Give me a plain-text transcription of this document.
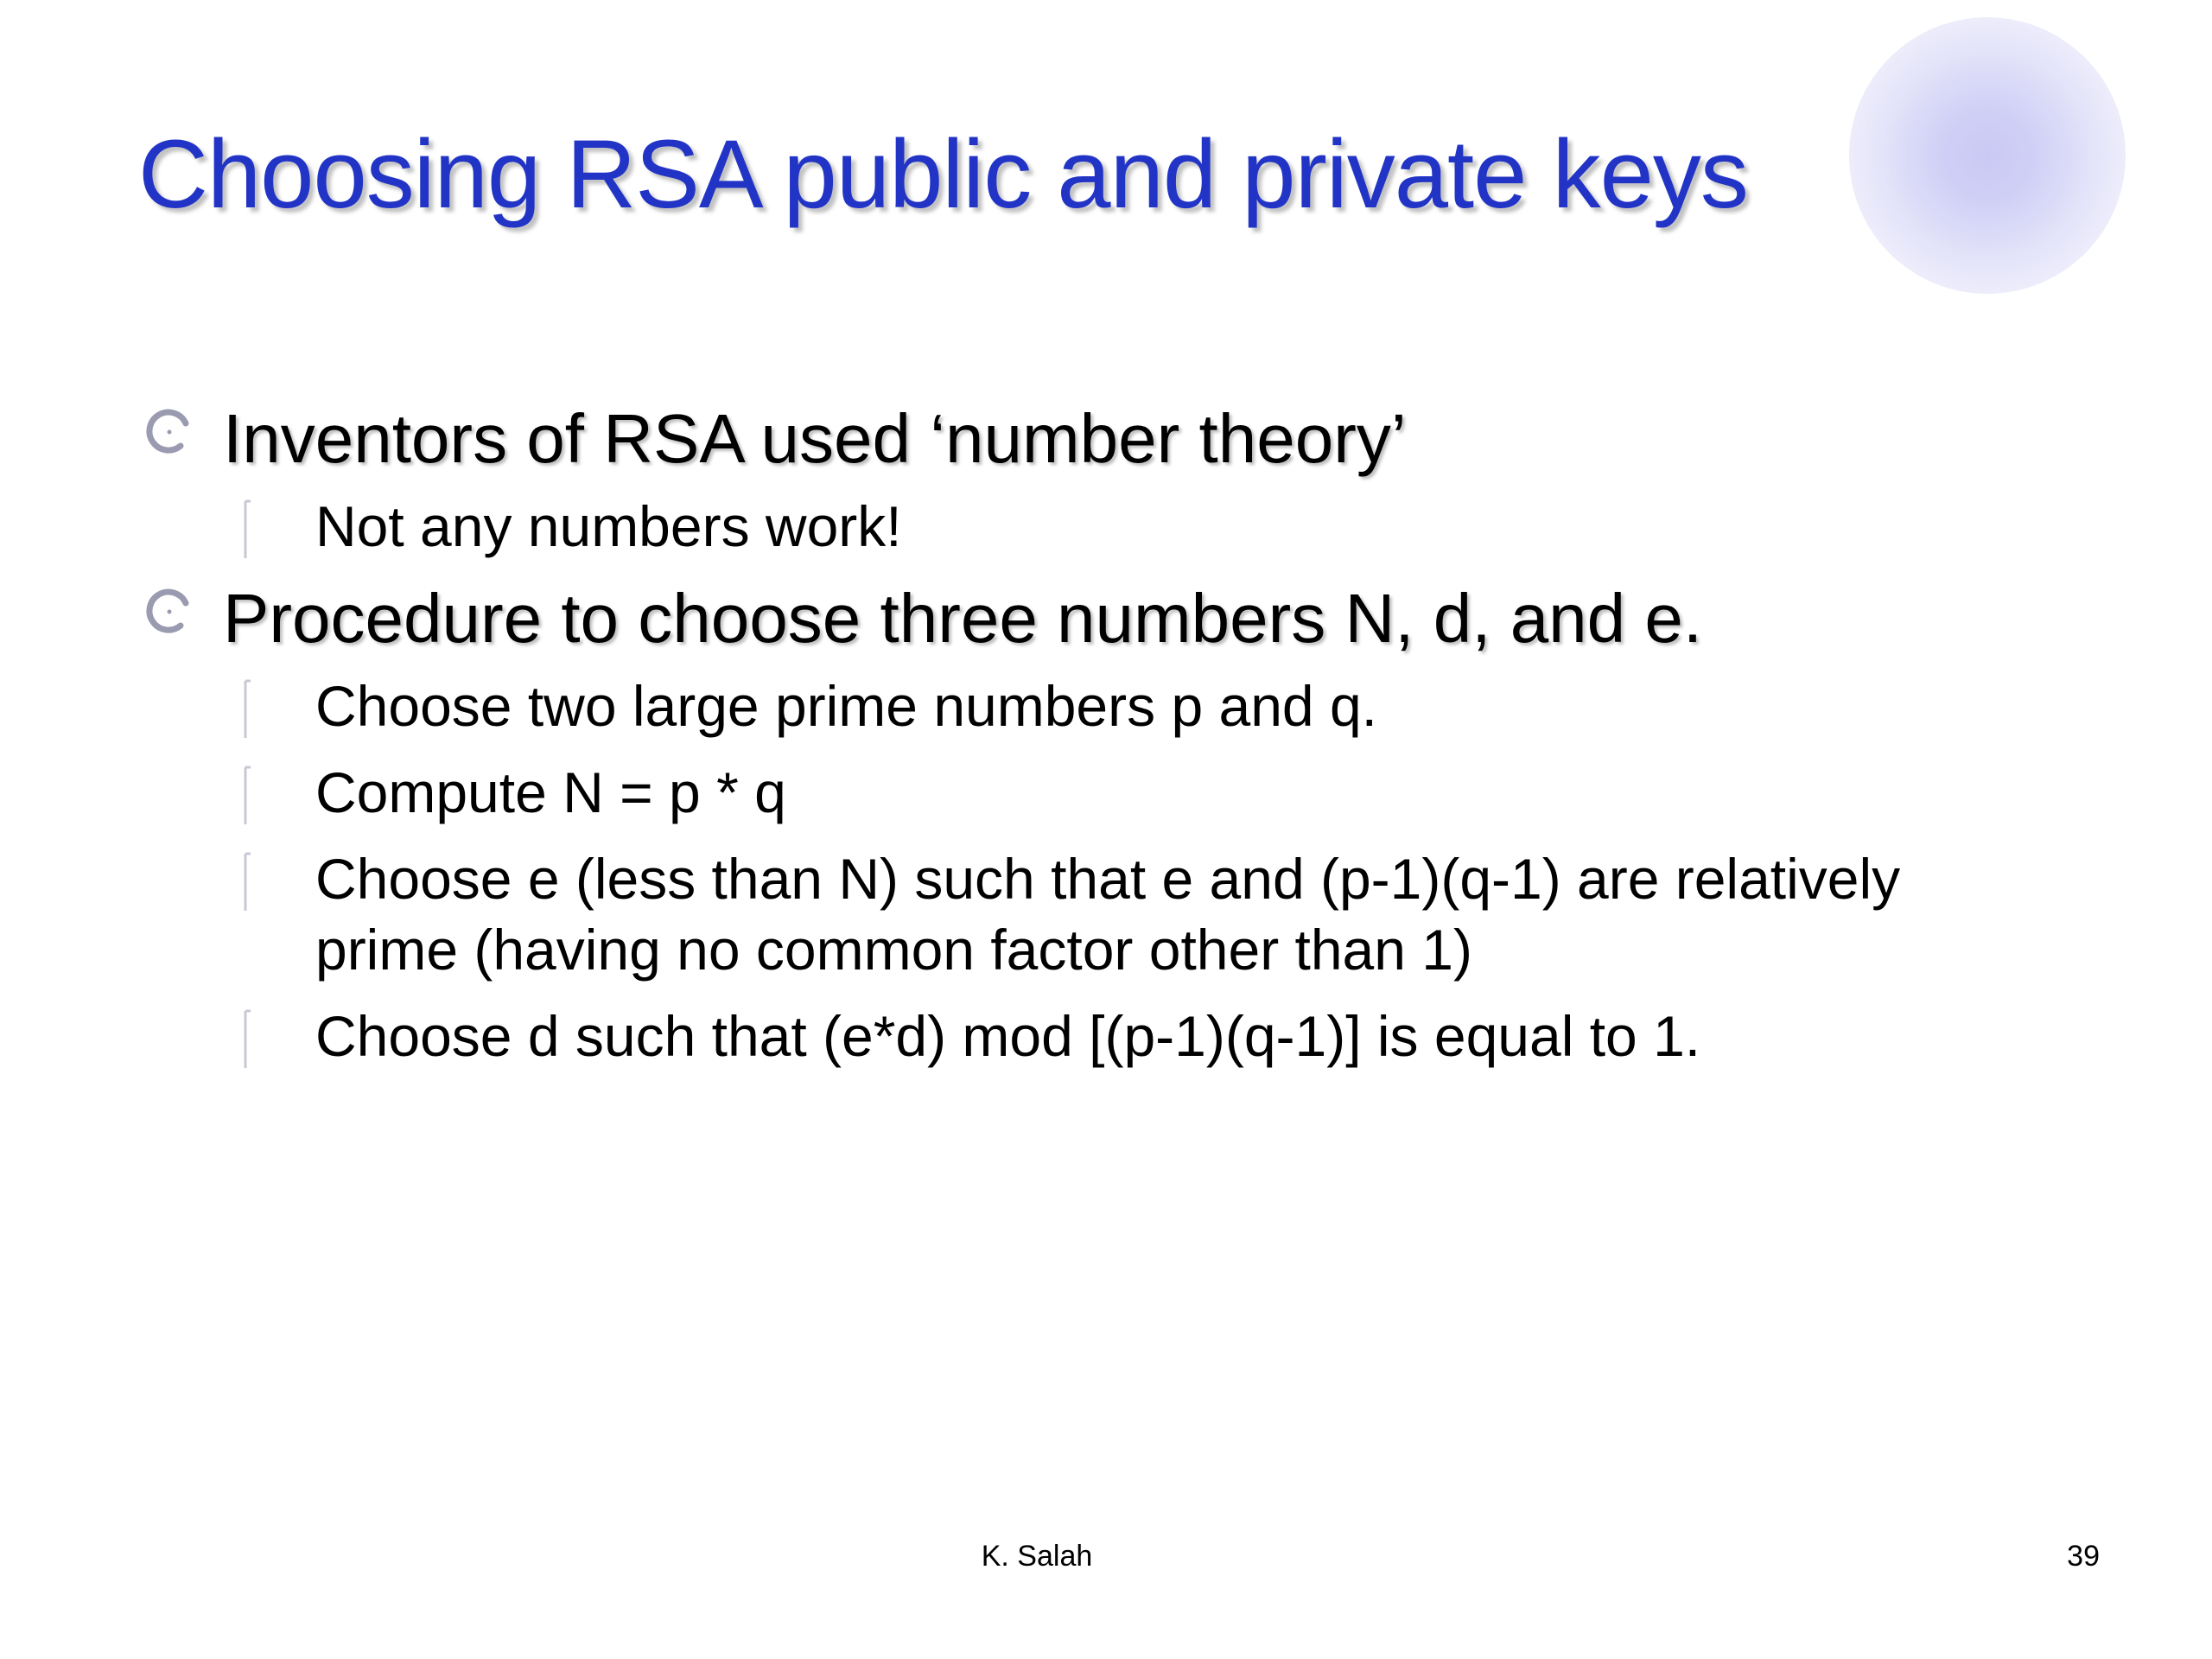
Choosing RSA public and private keys
Inventors of RSA used ‘number theory’
Not any numbers work!
Procedure to choose three numbers N, d, and e.
Choose two large prime numbers p and q.
Compute N = p * q
Choose e (less than N) such that e and (p-1)(q-1) are relatively prime (having no common factor other than 1)
Choose d such that (e*d) mod [(p-1)(q-1)] is equal to 1.
K. Salah	39
